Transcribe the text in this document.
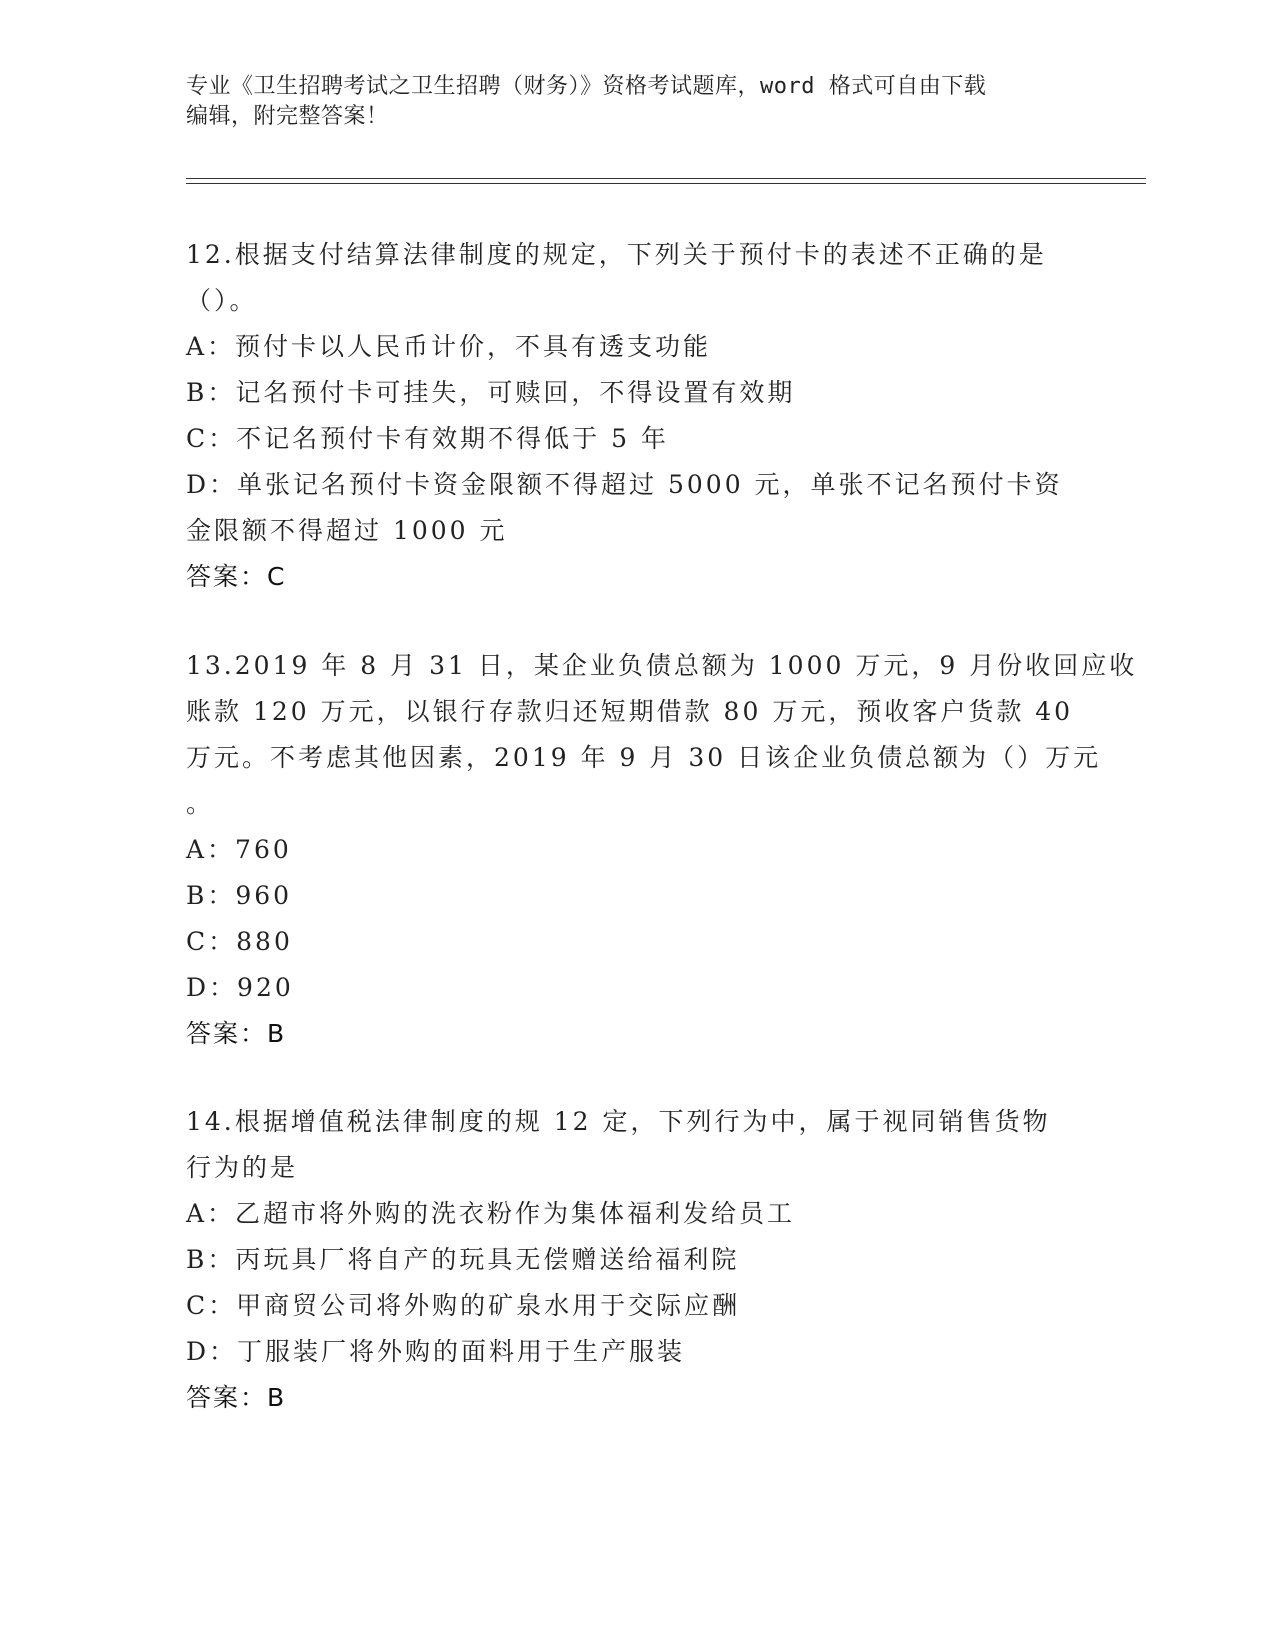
专业《卫生招聘考试之卫生招聘（财务）》资格考试题库，word 格式可自由下载
编辑，附完整答案！
12.根据支付结算法律制度的规定，下列关于预付卡的表述不正确的是
（）。
A：预付卡以人民币计价，不具有透支功能
B：记名预付卡可挂失，可赎回，不得设置有效期
C：不记名预付卡有效期不得低于 5 年
D：单张记名预付卡资金限额不得超过 5000 元，单张不记名预付卡资
金限额不得超过 1000 元
答案：C
13.2019 年 8 月 31 日，某企业负债总额为 1000 万元，9 月份收回应收
账款 120 万元，以银行存款归还短期借款 80 万元，预收客户货款 40
万元。不考虑其他因素，2019 年 9 月 30 日该企业负债总额为（）万元
。
A：760
B：960
C：880
D：920
答案：B
14.根据增值税法律制度的规 12 定，下列行为中，属于视同销售货物
行为的是
A：乙超市将外购的洗衣粉作为集体福利发给员工
B：丙玩具厂将自产的玩具无偿赠送给福利院
C：甲商贸公司将外购的矿泉水用于交际应酬
D：丁服装厂将外购的面料用于生产服装
答案：B
